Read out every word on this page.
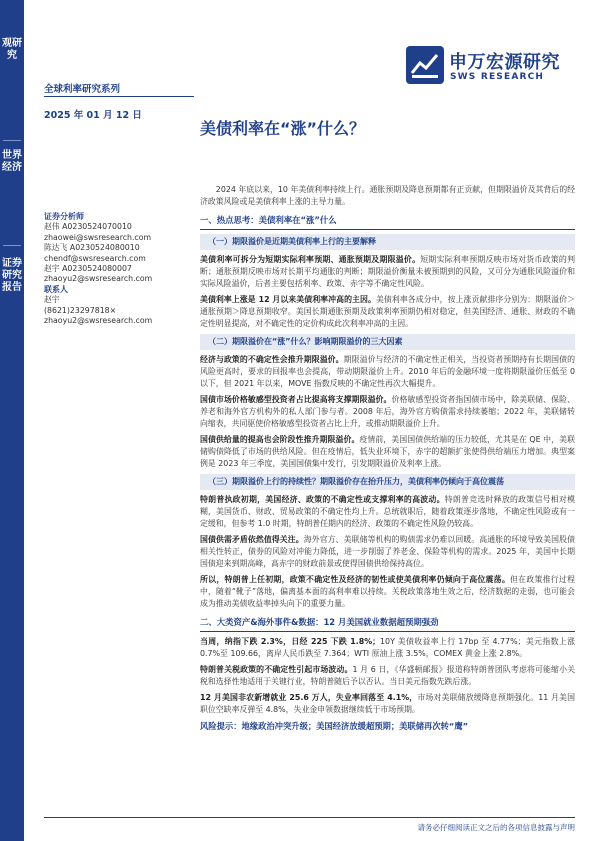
观研究
世界经济
证券研究报告
全球利率研究系列
2025 年 01 月 12 日
申万宏源研究
SWS RESEARCH
美债利率在“涨”什么？
证券分析师
赵伟 A0230524070010
zhaowei@swsresearch.com
陈达飞 A0230524080010
chendf@swsresearch.com
赵宇 A0230524080007
zhaoyu2@swsresearch.com
联系人
赵宇
(8621)23297818×
zhaoyu2@swsresearch.com

2024 年底以来，10 年美债利率持续上行。通胀预期及降息预期都有正贡献，但期限溢价及其背后的经济政策风险或是美债利率上涨的主导力量。

一、热点思考：美债利率在“涨”什么
（一）期限溢价是近期美债利率上行的主要解释

美债利率可拆分为短期实际利率预期、通胀预期及期限溢价。短期实际利率预期反映市场对货币政策的判断；通胀预期反映市场对长期平均通胀的判断；期限溢价衡量未被预期到的风险，又可分为通胀风险溢价和实际风险溢价，后者主要包括利率、政策、赤字等不确定性风险。

美债利率上涨是 12 月以来美债利率冲高的主因。美债利率各成分中，按上涨贡献排序分别为：期限溢价＞通胀预期＞降息预期收窄。美国长期通胀预期及政策利率预期仍相对稳定，但美国经济、通胀、财政的不确定性明显提高，对不确定性的定价构成此次利率冲高的主因。

（二）期限溢价在“涨”什么？影响期限溢价的三大因素

经济与政策的不确定性会推升期限溢价。期限溢价与经济的不确定性正相关，当投资者预期持有长期国债的风险更高时，要求的回报率也会提高，带动期限溢价上升。2010 年后的金融环境一度将期限溢价压低至 0 以下，但 2021 年以来，MOVE 指数反映的不确定性再次大幅提升。

国债市场价格敏感型投资者占比提高将支撑期限溢价。价格敏感型投资者指国债市场中，除美联储、保险、养老和海外官方机构外的私人部门参与者。2008 年后，海外官方购债需求持续萎缩；2022 年，美联储转向缩表，共同驱使价格敏感型投资者占比上升，或推动期限溢价上升。

国债供给量的提高也会阶段性推升期限溢价。疫情前，美国国债供给端的压力较低，尤其是在 QE 中，美联储购债降低了市场的供给风险。但在疫情后，低失业环境下，赤字的超额扩张使得供给端压力增加。典型案例是 2023 年三季度，美国国债集中发行，引发期限溢价及利率上涨。

（三）期限溢价上行的持续性？期限溢价存在抬升压力，美债利率仍倾向于高位震荡

特朗普执政初期，美国经济、政策的不确定性或支撑利率的高波动。特朗普竞选时释放的政策信号相对模糊，美国货币、财政、贸易政策的不确定性均上升。总统就职后，随着政策逐步落地，不确定性风险或有一定缓和，但参考 1.0 时期，特朗普任期内的经济、政策的不确定性风险仍较高。

国债供需矛盾依然值得关注。海外官方、美联储等机构的购债需求仍难以回暖。高通胀的环境导致美国股债相关性转正，债券的风险对冲能力降低，进一步削弱了养老金、保险等机构的需求。2025 年，美国中长期国债迎来到期高峰，高赤字的财政前景或使得国债供给保持高位。

所以，特朗普上任初期，政策不确定性及经济的韧性或使美债利率仍倾向于高位震荡。但在政策推行过程中，随着“靴子”落地，偏离基本面的高利率难以持续。关税政策落地生效之后，经济数据的走弱，也可能会成为推动美债收益率掉头向下的重要力量。

二、大类资产&海外事件&数据：12 月美国就业数据超预期强劲

当周，纳指下跌 2.3%，日经 225 下跌 1.8%；10Y 美债收益率上行 17bp 至 4.77%；美元指数上涨 0.7%至 109.66，离岸人民币跌至 7.364；WTI 原油上涨 3.5%，COMEX 黄金上涨 2.8%。

特朗普关税政策的不确定性引起市场波动。1 月 6 日，《华盛顿邮报》报道称特朗普团队考虑将可能缩小关税和选择性地适用于关键行业，特朗普随后予以否认。当日美元指数先跌后涨。

12 月美国非农新增就业 25.6 万人，失业率回落至 4.1%，市场对美联储放缓降息预期强化。11 月美国职位空缺率反弹至 4.8%，失业金申领数据继续低于市场预期。

风险提示：地缘政治冲突升级；美国经济放缓超预期；美联储再次转“鹰”
请务必仔细阅读正文之后的各项信息披露与声明
